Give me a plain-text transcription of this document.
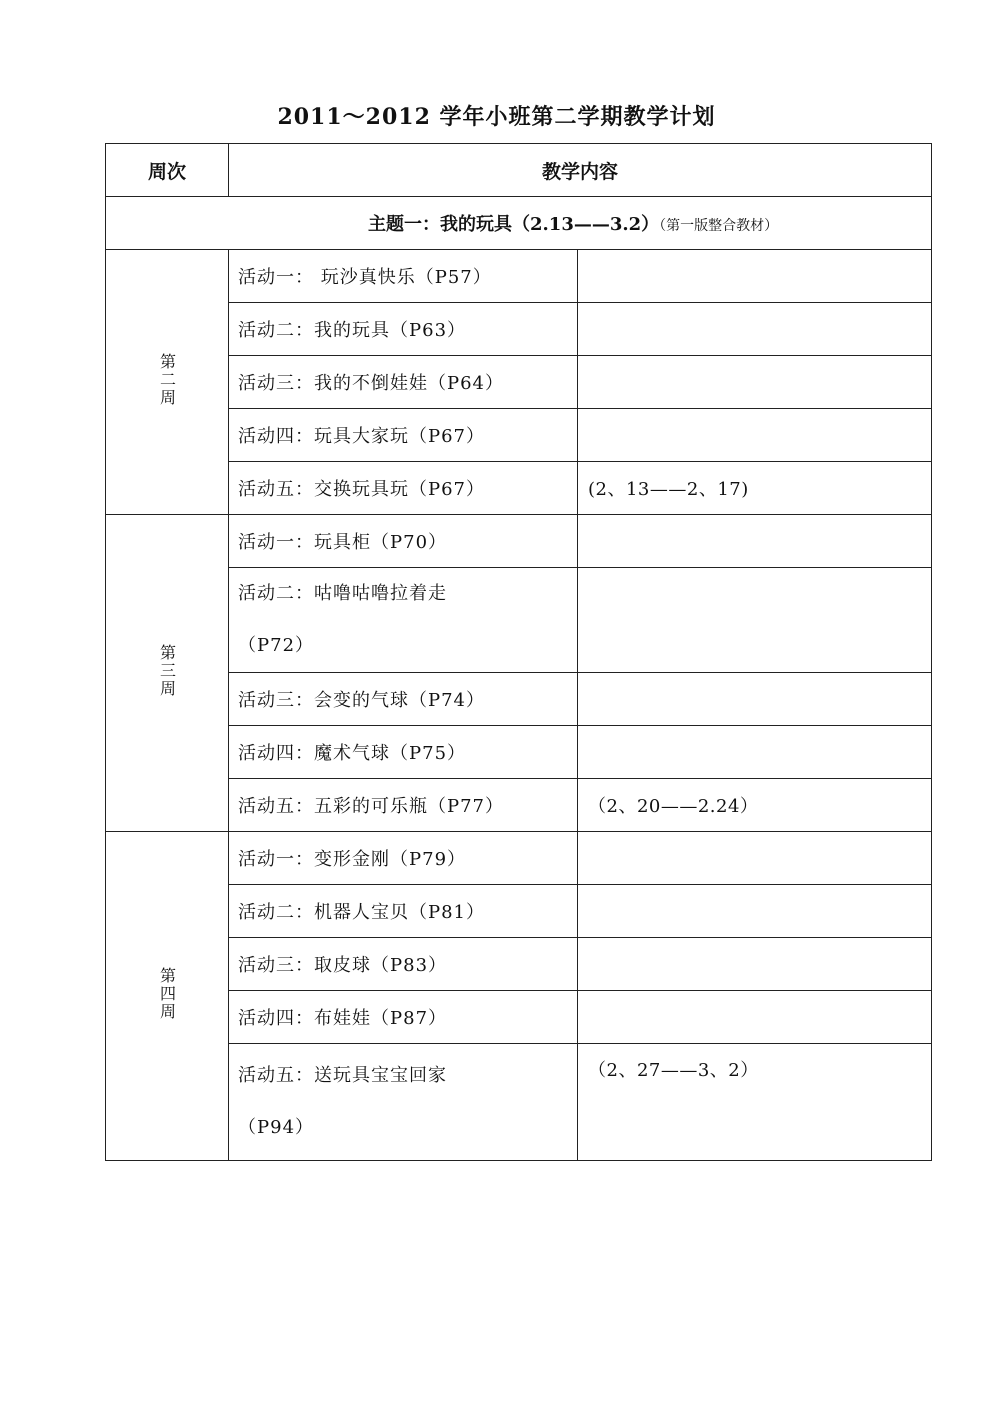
2011～2012 学年小班第二学期教学计划
周次	教学内容	

主题一：我的玩具（2.13——3.2）（第一版整合教材）		

第二周	活动一： 玩沙真快乐（P57）	
	活动二：我的玩具（P63）	
	活动三：我的不倒娃娃（P64）	
	活动四：玩具大家玩（P67）	
	活动五：交换玩具玩（P67）	(2、13——2、17)
第三周	活动一：玩具柜（P70）	

	活动二：咕噜咕噜拉着走
（P72）	

	活动三：会变的气球（P74）	
	活动四：魔术气球（P75）	
	活动五：五彩的可乐瓶（P77）	（2、20——2.24）
第四周	活动一：变形金刚（P79）	
	活动二：机器人宝贝（P81）	
	活动三：取皮球（P83）	
	活动四：布娃娃（P87）	

	活动五：送玩具宝宝回家
（P94）	（2、27——3、2）
